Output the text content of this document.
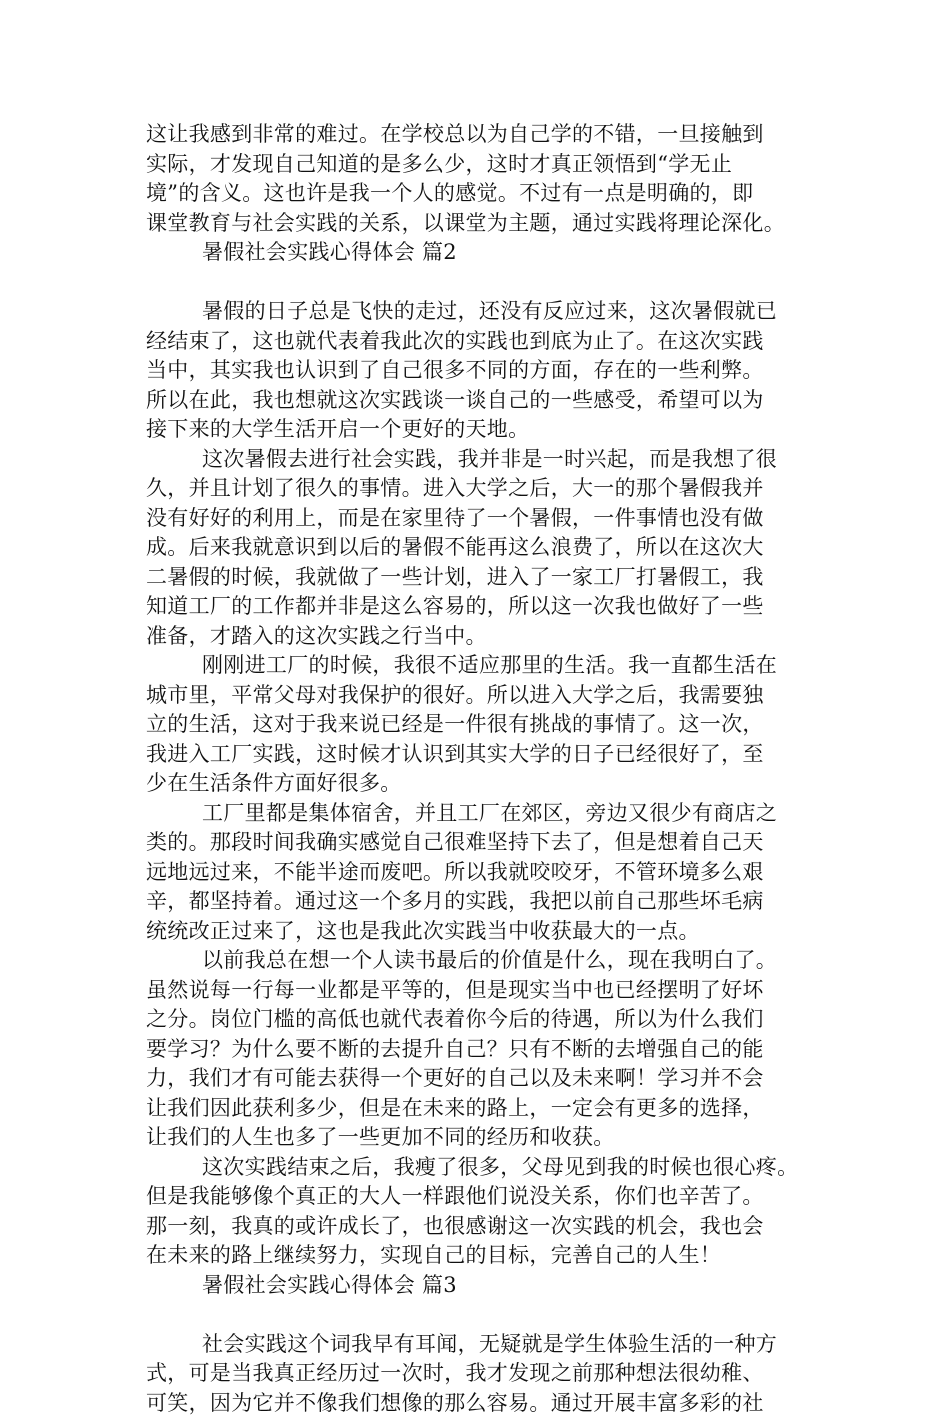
这让我感到非常的难过。在学校总以为自己学的不错，一旦接触到
实际，才发现自己知道的是多么少，这时才真正领悟到“学无止
境”的含义。这也许是我一个人的感觉。不过有一点是明确的，即
课堂教育与社会实践的关系，以课堂为主题，通过实践将理论深化。
暑假社会实践心得体会 篇2
暑假的日子总是飞快的走过，还没有反应过来，这次暑假就已
经结束了，这也就代表着我此次的实践也到底为止了。在这次实践
当中，其实我也认识到了自己很多不同的方面，存在的一些利弊。
所以在此，我也想就这次实践谈一谈自己的一些感受，希望可以为
接下来的大学生活开启一个更好的天地。
这次暑假去进行社会实践，我并非是一时兴起，而是我想了很
久，并且计划了很久的事情。进入大学之后，大一的那个暑假我并
没有好好的利用上，而是在家里待了一个暑假，一件事情也没有做
成。后来我就意识到以后的暑假不能再这么浪费了，所以在这次大
二暑假的时候，我就做了一些计划，进入了一家工厂打暑假工，我
知道工厂的工作都并非是这么容易的，所以这一次我也做好了一些
准备，才踏入的这次实践之行当中。
刚刚进工厂的时候，我很不适应那里的生活。我一直都生活在
城市里，平常父母对我保护的很好。所以进入大学之后，我需要独
立的生活，这对于我来说已经是一件很有挑战的事情了。这一次，
我进入工厂实践，这时候才认识到其实大学的日子已经很好了，至
少在生活条件方面好很多。
工厂里都是集体宿舍，并且工厂在郊区，旁边又很少有商店之
类的。那段时间我确实感觉自己很难坚持下去了，但是想着自己天
远地远过来，不能半途而废吧。所以我就咬咬牙，不管环境多么艰
辛，都坚持着。通过这一个多月的实践，我把以前自己那些坏毛病
统统改正过来了，这也是我此次实践当中收获最大的一点。
以前我总在想一个人读书最后的价值是什么，现在我明白了。
虽然说每一行每一业都是平等的，但是现实当中也已经摆明了好坏
之分。岗位门槛的高低也就代表着你今后的待遇，所以为什么我们
要学习？为什么要不断的去提升自己？只有不断的去增强自己的能
力，我们才有可能去获得一个更好的自己以及未来啊！学习并不会
让我们因此获利多少，但是在未来的路上，一定会有更多的选择，
让我们的人生也多了一些更加不同的经历和收获。
这次实践结束之后，我瘦了很多，父母见到我的时候也很心疼。
但是我能够像个真正的大人一样跟他们说没关系，你们也辛苦了。
那一刻，我真的或许成长了，也很感谢这一次实践的机会，我也会
在未来的路上继续努力，实现自己的目标，完善自己的人生！
暑假社会实践心得体会 篇3
社会实践这个词我早有耳闻，无疑就是学生体验生活的一种方
式，可是当我真正经历过一次时，我才发现之前那种想法很幼稚、
可笑，因为它并不像我们想像的那么容易。通过开展丰富多彩的社
